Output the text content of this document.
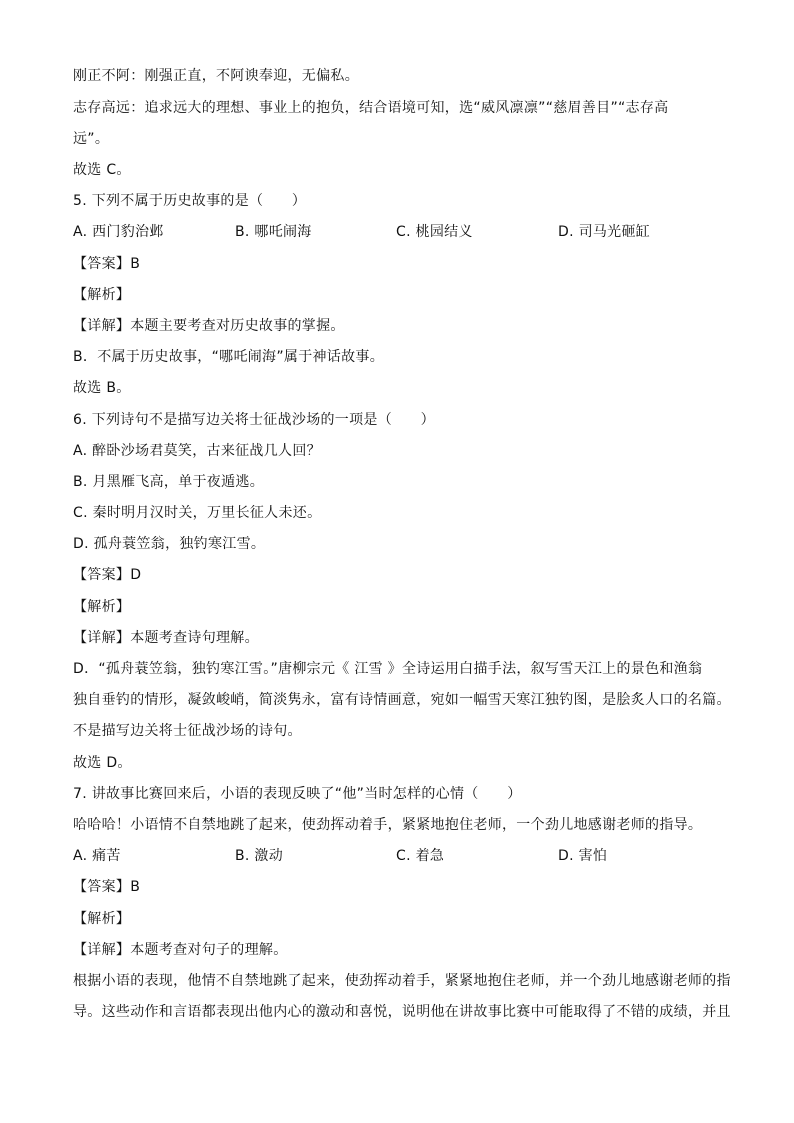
刚正不阿：刚强正直，不阿谀奉迎，无偏私。
志存高远：追求远大的理想、事业上的抱负，结合语境可知，选“威风凛凛”“慈眉善目”“志存高
远”。
故选 C。
5. 下列不属于历史故事的是（　　）
A. 西门豹治邺	B. 哪吒闹海	C. 桃园结义	D. 司马光砸缸
【答案】B
【解析】
【详解】本题主要考查对历史故事的掌握。
B．不属于历史故事，“哪吒闹海”属于神话故事。
故选 B。
6. 下列诗句不是描写边关将士征战沙场的一项是（　　）
A. 醉卧沙场君莫笑，古来征战几人回？
B. 月黑雁飞高，单于夜遁逃。
C. 秦时明月汉时关，万里长征人未还。
D. 孤舟蓑笠翁，独钓寒江雪。
【答案】D
【解析】
【详解】本题考查诗句理解。
D．“孤舟蓑笠翁，独钓寒江雪。”唐柳宗元《 江雪 》全诗运用白描手法，叙写雪天江上的景色和渔翁
独自垂钓的情形，凝敛峻峭，简淡隽永，富有诗情画意，宛如一幅雪天寒江独钓图，是脍炙人口的名篇。
不是描写边关将士征战沙场的诗句。
故选 D。
7. 讲故事比赛回来后，小语的表现反映了“他”当时怎样的心情（　　）
哈哈哈！小语情不自禁地跳了起来，使劲挥动着手，紧紧地抱住老师，一个劲儿地感谢老师的指导。
A. 痛苦	B. 激动	C. 着急	D. 害怕
【答案】B
【解析】
【详解】本题考查对句子的理解。
根据小语的表现，他情不自禁地跳了起来，使劲挥动着手，紧紧地抱住老师，并一个劲儿地感谢老师的指
导。这些动作和言语都表现出他内心的激动和喜悦，说明他在讲故事比赛中可能取得了不错的成绩，并且
